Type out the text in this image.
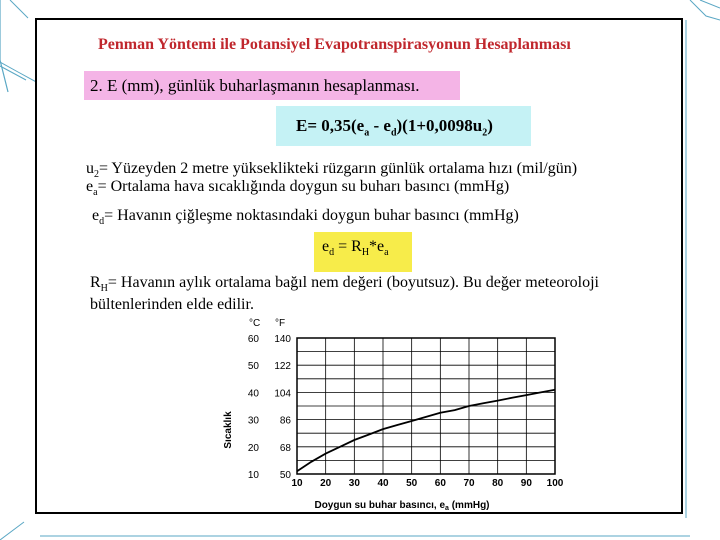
Penman Yöntemi ile Potansiyel Evapotranspirasyonun Hesaplanması
2. E (mm), günlük buharlaşmanın hesaplanması.
$E= 0,35(e_a - e_d)(1+0,0098u_2)$
$u_2=$ Yüzeyden 2 metre yükseklikteki rüzgarın günlük ortalama hızı (mil/gün)
$e_a=$ Ortalama hava sıcaklığında doygun su buharı basıncı (mmHg)
$e_d=$ Havanın çiğleşme noktasındaki doygun buhar basıncı (mmHg)
$e_d = R_H*e_a$
$R_H=$ Havanın aylık ortalama bağıl nem değeri (boyutsuz). Bu değer meteoroloji
bültenlerinden elde edilir.
10 20 30 40 50 60 70 80 90 100
10
20
30
40
50
60
50
68
86
104
122
140
°C °F
Sıcaklık
Doygun su buhar basıncı, $e_a$ (mmHg)
